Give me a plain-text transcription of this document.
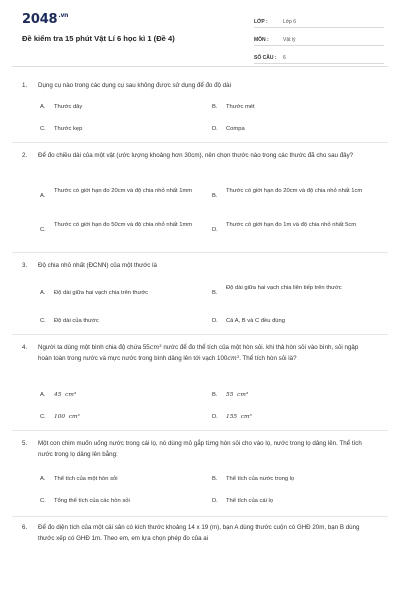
$2048^{.vn}$
Đề kiểm tra 15 phút Vật Lí 6 học kì 1 (Đề 4)
LỚP :	Lớp 6
MÔN :	Vật lý
SỐ CÂU :	6
1. Dụng cụ nào trong các dụng cụ sau không được sử dụng để đo độ dài
A.	Thước dây	B.	Thước mét
C.	Thước kẹp	D.	Compa
2. Để đo chiều dài của một vật (ước lượng khoảng hơn 30cm), nên chọn thước nào trong các thước đã cho sau đây?
A.
Thước có giới hạn đo 20cm và độ chia nhỏ nhất 1mm
B.
Thước có giới hạn đo 20cm và độ chia nhỏ nhất 1cm
C.
Thước có giới hạn đo 50cm và độ chia nhỏ nhất 1mm
D.
Thước có giới hạn đo 1m và độ chia nhỏ nhất 5cm
3. Độ chia nhỏ nhất (ĐCNN) của một thước là
A.	Độ dài giữa hai vạch chia trên thước	B.
Độ dài giữa hai vạch chia liên tiếp trên thước
C.	Độ dài của thước	D.	Cả A, B và C đều đúng
4. Người ta dùng một bình chia độ chứa 55cm³ nước để đo thể tích của một hòn sỏi. khi thả hòn sỏi vào bình, sỏi ngập hoàn toàn trong nước và mực nước trong bình dâng lên tới vạch 100cm³. Thể tích hòn sỏi là?
A.	45 cm³	B.	55 cm³
C.	100 cm³	D.	155 cm³
5. Một con chim muốn uống nước trong cái lọ, nó dùng mỏ gắp từng hòn sỏi cho vào lọ, nước trong lọ dâng lên. Thể tích nước trong lọ dâng lên bằng:
A.	Thể tích của một hòn sỏi	B.	Thể tích của nước trong lọ
C.	Tổng thể tích của các hòn sỏi	D.	Thể tích của cái lọ
6. Để đo diện tích của một cái sân có kích thước khoảng 14 x 19 (m), bạn A dùng thước cuộn có GHĐ 20m, bạn B dùng thước xếp có GHĐ 1m. Theo em, em lựa chọn phép đo của ai
